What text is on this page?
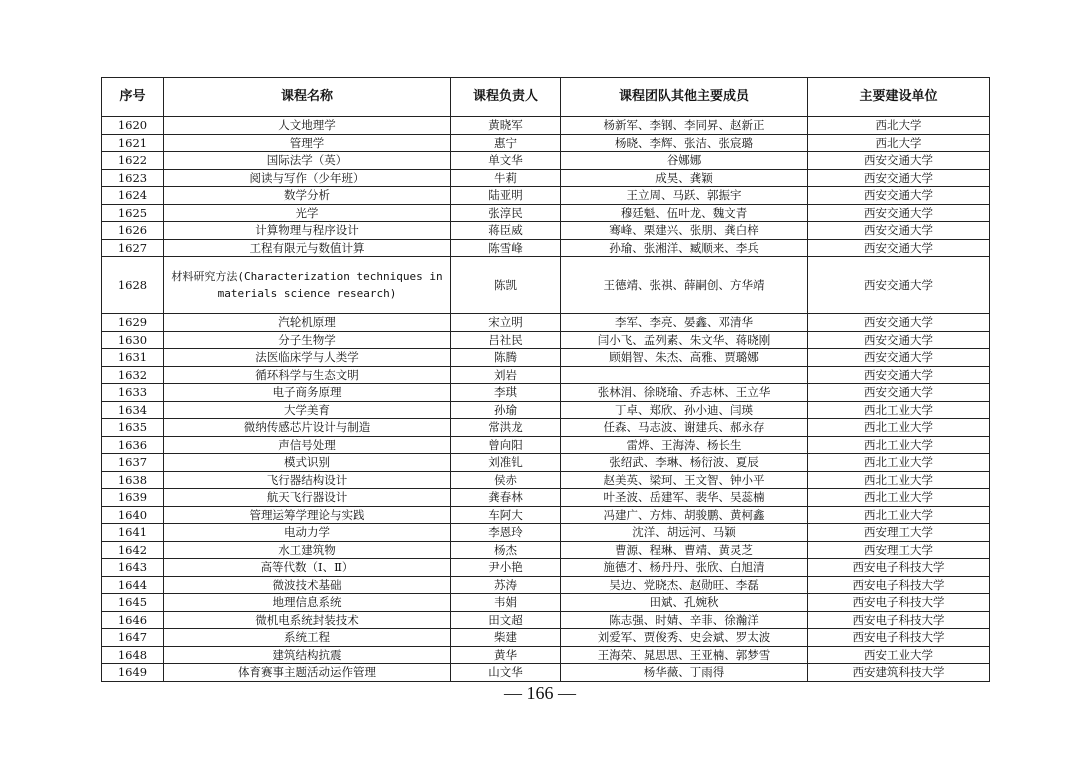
序号	课程名称	课程负责人	课程团队其他主要成员	主要建设单位
1620	人文地理学	黄晓军	杨新军、李钢、李同昇、赵新正	西北大学
1621	管理学	惠宁	杨晓、李辉、张洁、张宸璐	西北大学
1622	国际法学（英）	单文华	谷娜娜	西安交通大学
1623	阅读与写作（少年班）	牛莉	成昊、龚颖	西安交通大学
1624	数学分析	陆亚明	王立周、马跃、郭振宇	西安交通大学
1625	光学	张淳民	穆廷魁、伍叶龙、魏文青	西安交通大学
1626	计算物理与程序设计	蒋臣威	骞峰、栗建兴、张朋、龚白梓	西安交通大学
1627	工程有限元与数值计算	陈雪峰	孙瑜、张湘洋、臧顺来、李兵	西安交通大学
1628	材料研究方法(Characterization techniques in materials science research)	陈凯	王德靖、张祺、薛嗣创、方华靖	西安交通大学
1629	汽轮机原理	宋立明	李军、李亮、晏鑫、邓清华	西安交通大学
1630	分子生物学	吕社民	闫小飞、孟列素、朱文华、蒋晓刚	西安交通大学
1631	法医临床学与人类学	陈腾	顾娟智、朱杰、高雅、贾璐娜	西安交通大学
1632	循环科学与生态文明	刘岩		西安交通大学
1633	电子商务原理	李琪	张林涓、徐晓瑜、乔志林、王立华	西安交通大学
1634	大学美育	孙瑜	丁卓、郑欣、孙小迪、闫瑛	西北工业大学
1635	微纳传感芯片设计与制造	常洪龙	任森、马志波、谢建兵、郝永存	西北工业大学
1636	声信号处理	曾向阳	雷烨、王海涛、杨长生	西北工业大学
1637	模式识别	刘准钆	张绍武、李琳、杨衍波、夏辰	西北工业大学
1638	飞行器结构设计	侯赤	赵美英、梁珂、王文智、钟小平	西北工业大学
1639	航天飞行器设计	龚春林	叶圣波、岳建军、裴华、吴蕊楠	西北工业大学
1640	管理运筹学理论与实践	车阿大	冯建广、方炜、胡骏鹏、黄柯鑫	西北工业大学
1641	电动力学	李恩玲	沈洋、胡远河、马颖	西安理工大学
1642	水工建筑物	杨杰	曹源、程琳、曹靖、黄灵芝	西安理工大学
1643	高等代数（Ⅰ、Ⅱ）	尹小艳	施德才、杨丹丹、张欣、白旭清	西安电子科技大学
1644	微波技术基础	苏涛	吴边、党晓杰、赵勋旺、李磊	西安电子科技大学
1645	地理信息系统	韦娟	田斌、孔婉秋	西安电子科技大学
1646	微机电系统封装技术	田文超	陈志强、时婧、辛菲、徐瀚洋	西安电子科技大学
1647	系统工程	柴建	刘爱军、贾俊秀、史会斌、罗太波	西安电子科技大学
1648	建筑结构抗震	黄华	王海荣、晁思思、王亚楠、郭梦雪	西安工业大学
1649	体育赛事主题活动运作管理	山文华	杨华薇、丁雨得	西安建筑科技大学
— 166 —
